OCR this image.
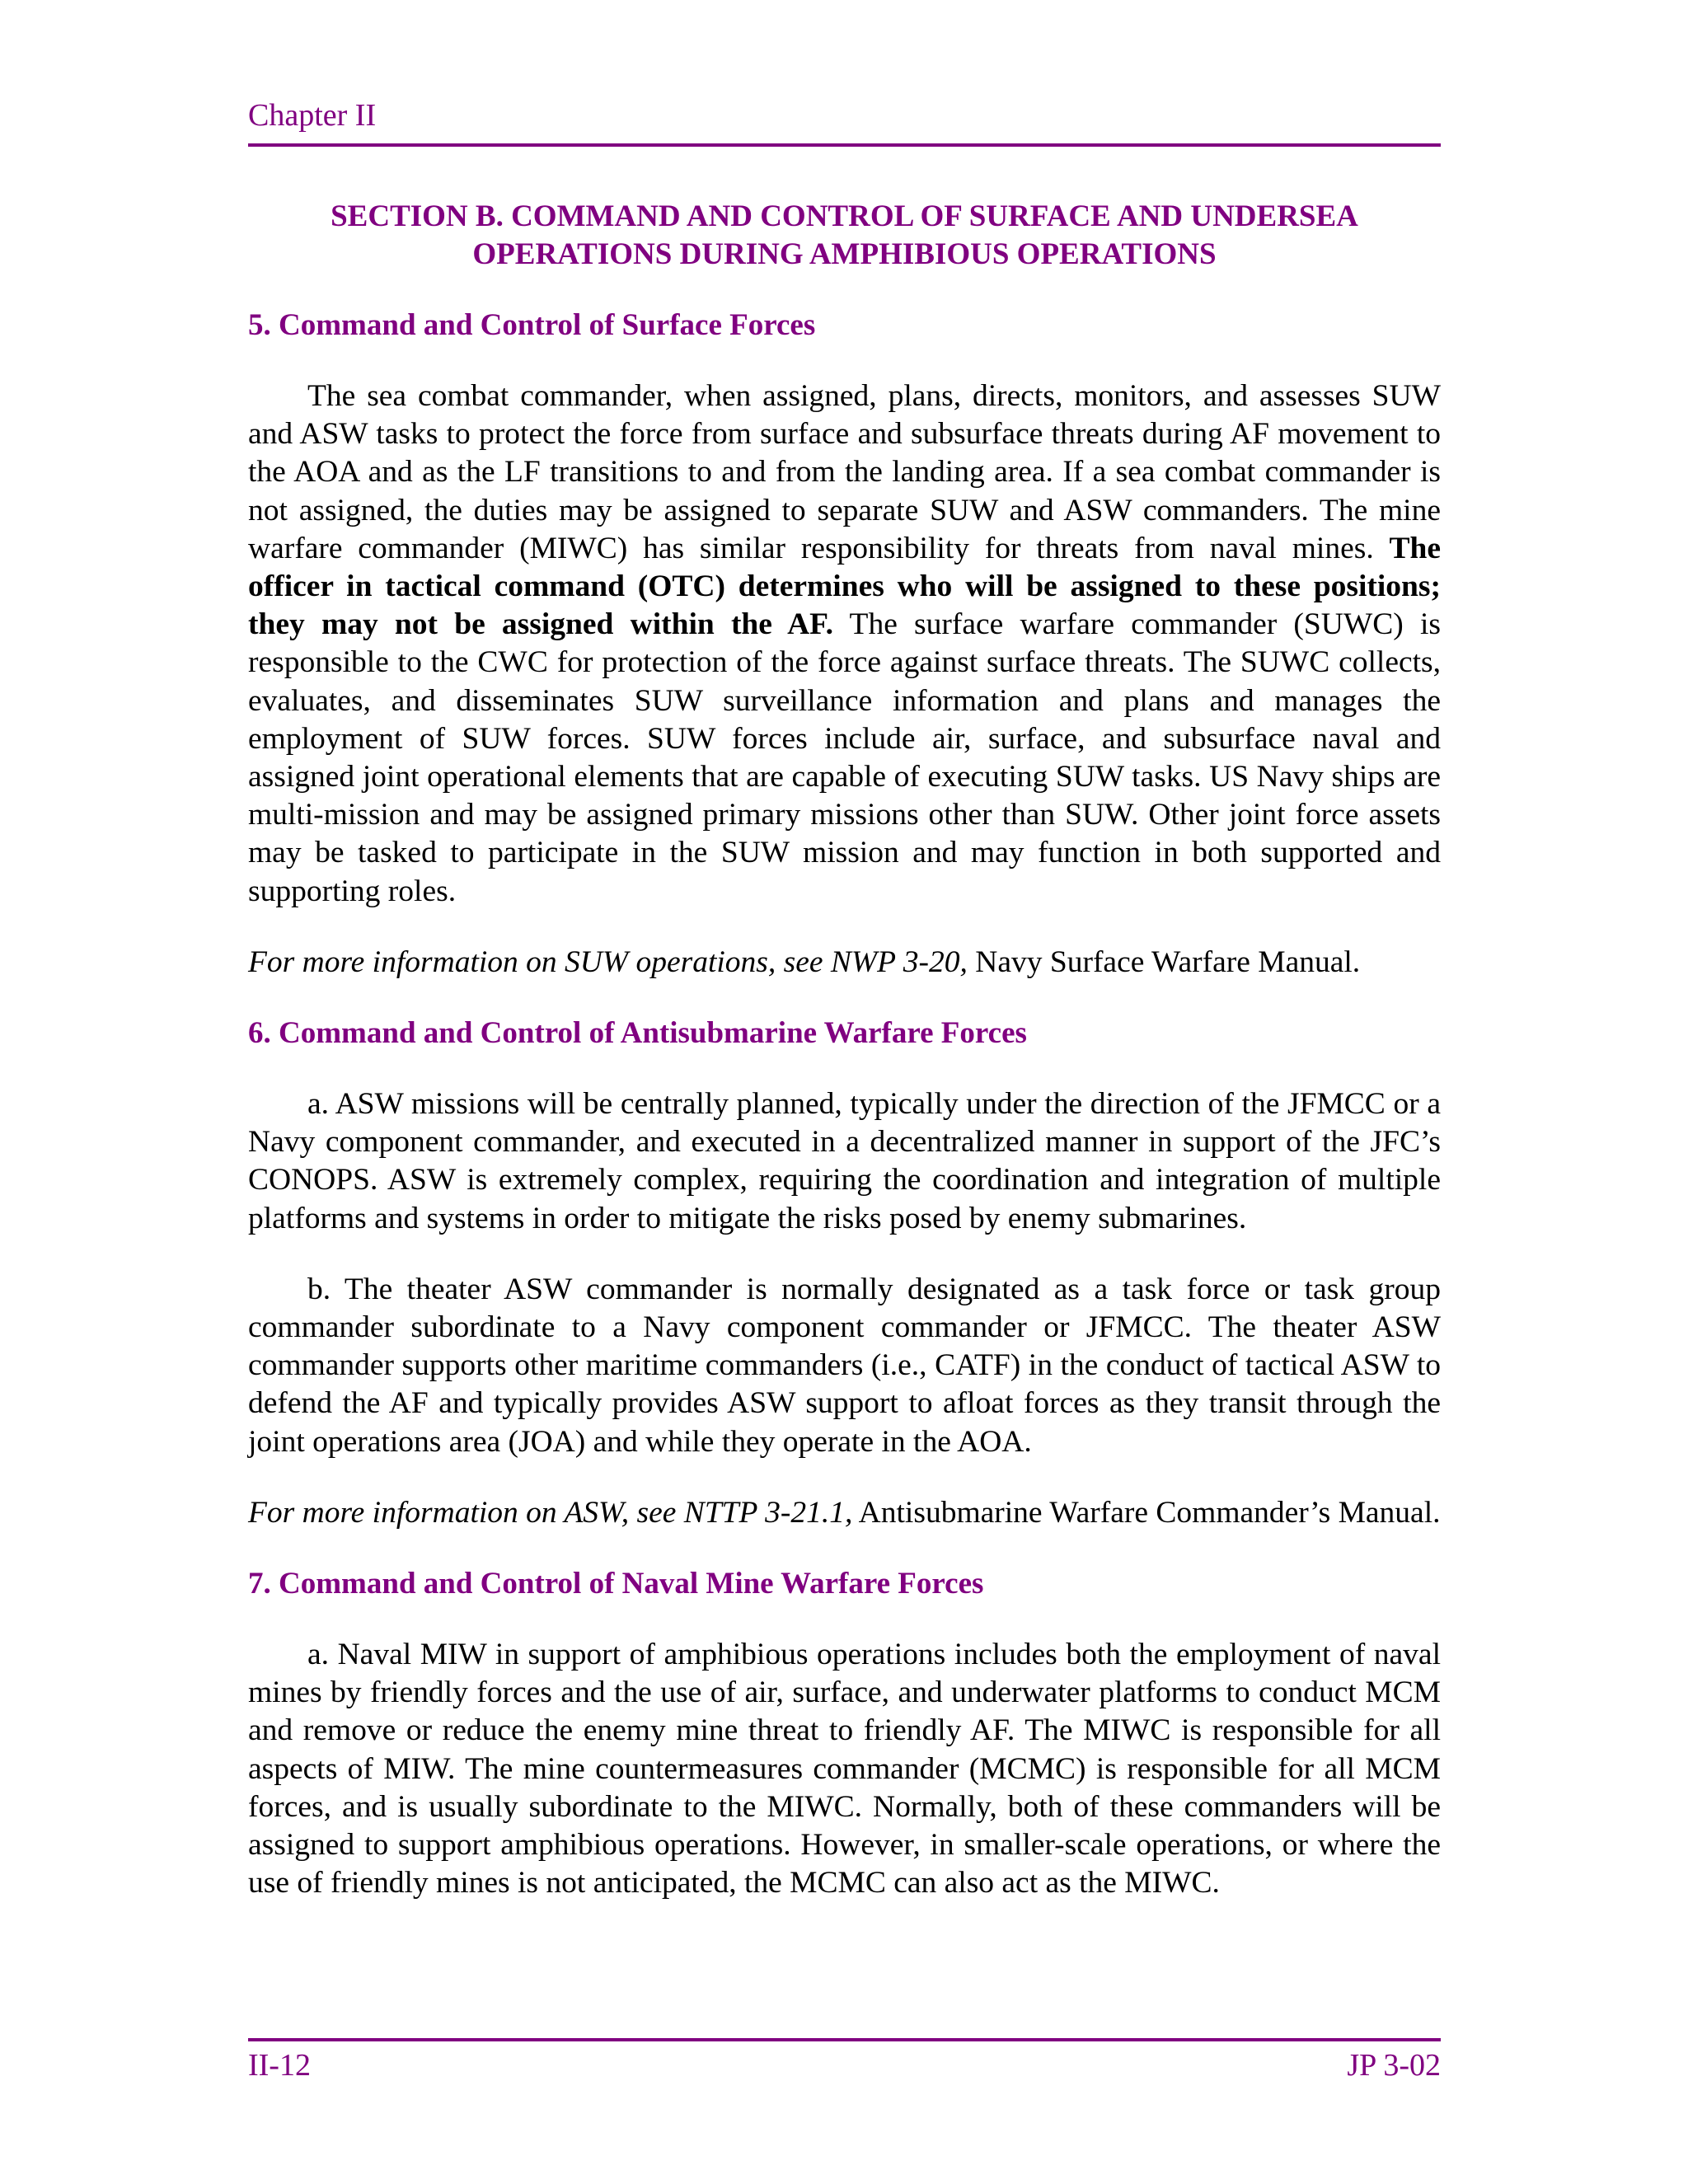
Chapter II
SECTION B. COMMAND AND CONTROL OF SURFACE AND UNDERSEA
OPERATIONS DURING AMPHIBIOUS OPERATIONS
5. Command and Control of Surface Forces

The sea combat commander, when assigned, plans, directs, monitors, and assesses SUW and ASW tasks to protect the force from surface and subsurface threats during AF movement to the AOA and as the LF transitions to and from the landing area. If a sea combat commander is not assigned, the duties may be assigned to separate SUW and ASW commanders. The mine warfare commander (MIWC) has similar responsibility for threats from naval mines. The officer in tactical command (OTC) determines who will be assigned to these positions; they may not be assigned within the AF. The surface warfare commander (SUWC) is responsible to the CWC for protection of the force against surface threats. The SUWC collects, evaluates, and disseminates SUW surveillance information and plans and manages the employment of SUW forces. SUW forces include air, surface, and subsurface naval and assigned joint operational elements that are capable of executing SUW tasks. US Navy ships are multi-mission and may be assigned primary missions other than SUW. Other joint force assets may be tasked to participate in the SUW mission and may function in both supported and supporting roles.

For more information on SUW operations, see NWP 3-20, Navy Surface Warfare Manual.

6. Command and Control of Antisubmarine Warfare Forces

a. ASW missions will be centrally planned, typically under the direction of the JFMCC or a Navy component commander, and executed in a decentralized manner in support of the JFC’s CONOPS. ASW is extremely complex, requiring the coordination and integration of multiple platforms and systems in order to mitigate the risks posed by enemy submarines.

b. The theater ASW commander is normally designated as a task force or task group commander subordinate to a Navy component commander or JFMCC. The theater ASW commander supports other maritime commanders (i.e., CATF) in the conduct of tactical ASW to defend the AF and typically provides ASW support to afloat forces as they transit through the joint operations area (JOA) and while they operate in the AOA.

For more information on ASW, see NTTP 3-21.1, Antisubmarine Warfare Commander’s Manual.

7. Command and Control of Naval Mine Warfare Forces

a. Naval MIW in support of amphibious operations includes both the employment of naval mines by friendly forces and the use of air, surface, and underwater platforms to conduct MCM and remove or reduce the enemy mine threat to friendly AF. The MIWC is responsible for all aspects of MIW. The mine countermeasures commander (MCMC) is responsible for all MCM forces, and is usually subordinate to the MIWC. Normally, both of these commanders will be assigned to support amphibious operations. However, in smaller-scale operations, or where the use of friendly mines is not anticipated, the MCMC can also act as the MIWC.

II-12	JP 3-02
